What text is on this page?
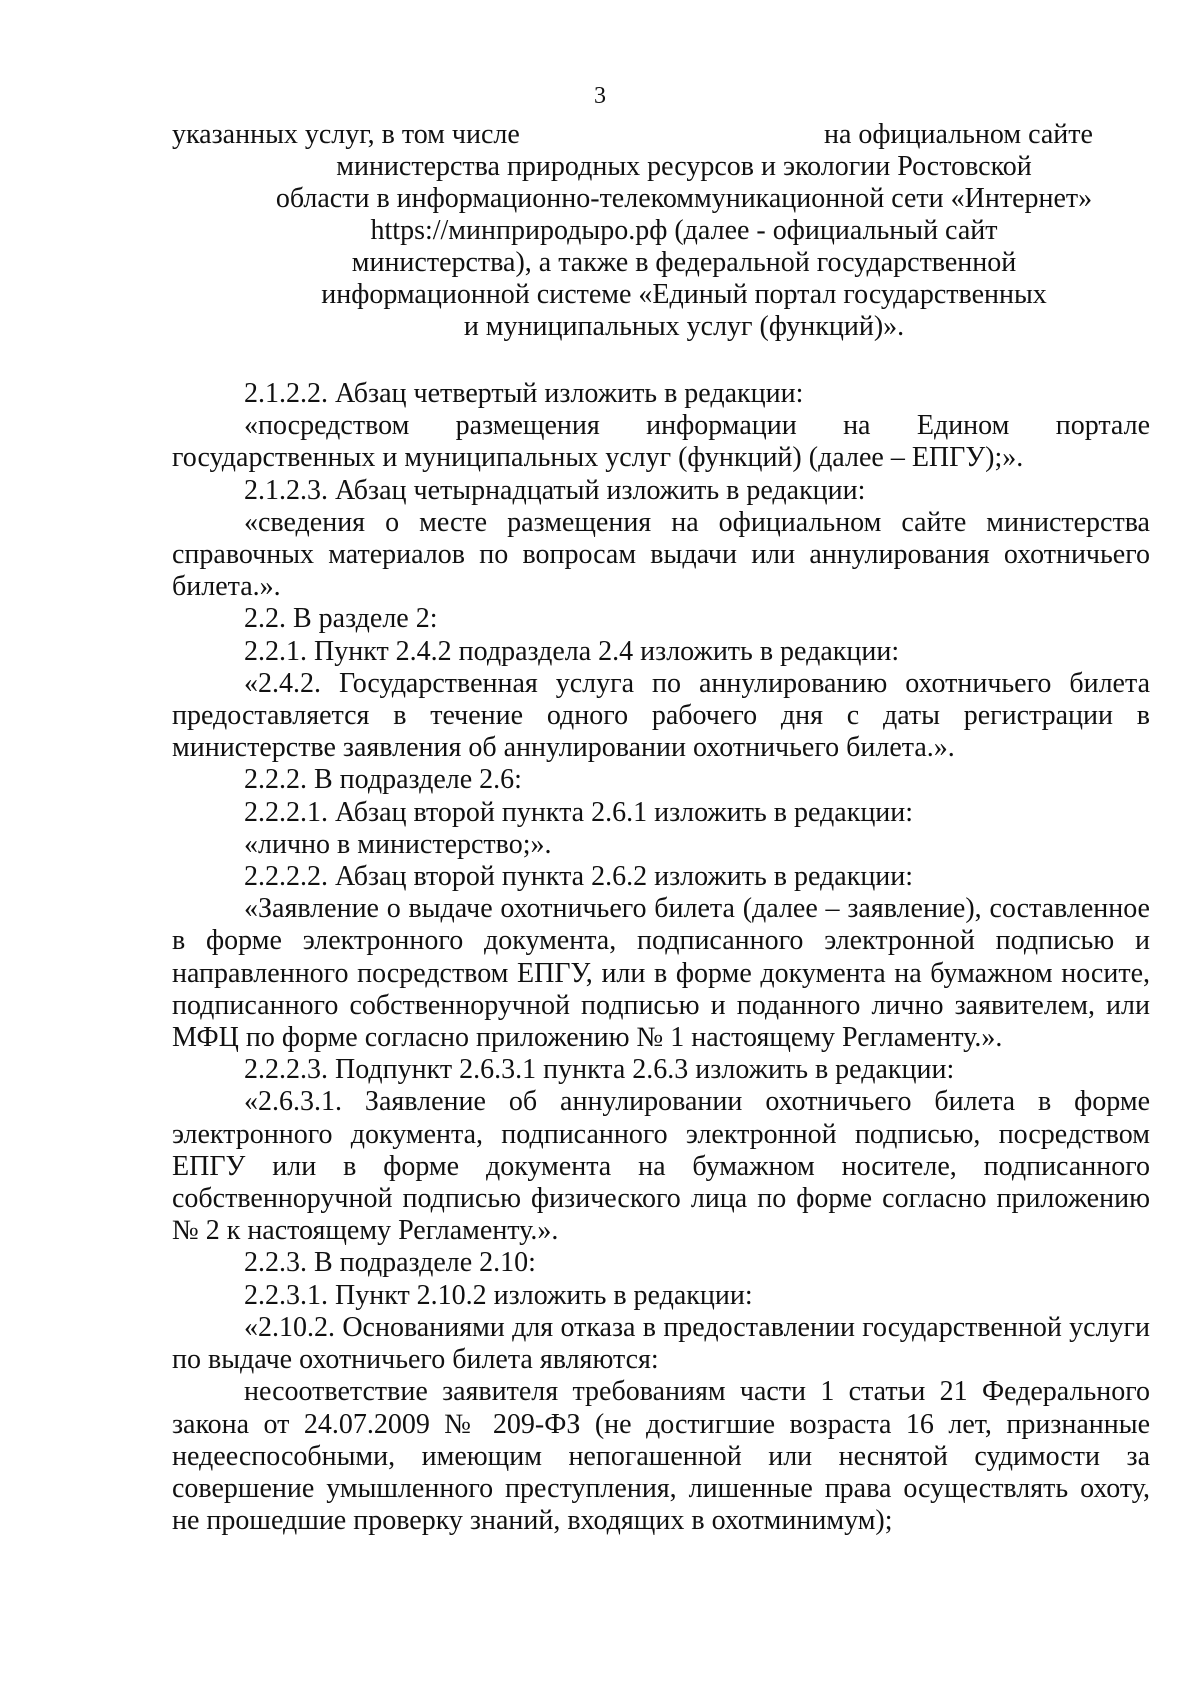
3
указанных услуг, в том числе	на официальном сайте
министерства природных ресурсов и экологии Ростовской
области в информационно-телекоммуникационной сети «Интернет»
https://минприродыро.рф (далее - официальный сайт
министерства), а также в федеральной государственной
информационной системе «Единый портал государственных
и муниципальных услуг (функций)».

2.1.2.2. Абзац четвертый изложить в редакции:

«посредством размещения информации на Едином портале государственных и муниципальных услуг (функций) (далее – ЕПГУ);».

2.1.2.3. Абзац четырнадцатый изложить в редакции:

«сведения о месте размещения на официальном сайте министерства справочных материалов по вопросам выдачи или аннулирования охотничьего билета.».

2.2. В разделе 2:

2.2.1. Пункт 2.4.2 подраздела 2.4 изложить в редакции:

«2.4.2. Государственная услуга по аннулированию охотничьего билета предоставляется в течение одного рабочего дня с даты регистрации в министерстве заявления об аннулировании охотничьего билета.».

2.2.2. В подразделе 2.6:

2.2.2.1. Абзац второй пункта 2.6.1 изложить в редакции:

«лично в министерство;».

2.2.2.2. Абзац второй пункта 2.6.2 изложить в редакции:

«Заявление о выдаче охотничьего билета (далее – заявление), составленное в форме электронного документа, подписанного электронной подписью и направленного посредством ЕПГУ, или в форме документа на бумажном носите, подписанного собственноручной подписью и поданного лично заявителем, или МФЦ по форме согласно приложению № 1 настоящему Регламенту.».

2.2.2.3. Подпункт 2.6.3.1 пункта 2.6.3 изложить в редакции:

«2.6.3.1. Заявление об аннулировании охотничьего билета в форме электронного документа, подписанного электронной подписью, посредством ЕПГУ или в форме документа на бумажном носителе, подписанного собственноручной подписью физического лица по форме согласно приложению № 2 к настоящему Регламенту.».

2.2.3. В подразделе 2.10:

2.2.3.1. Пункт 2.10.2 изложить в редакции:

«2.10.2. Основаниями для отказа в предоставлении государственной услуги по выдаче охотничьего билета являются:

несоответствие заявителя требованиям части 1 статьи 21 Федерального закона от 24.07.2009 № 209-ФЗ (не достигшие возраста 16 лет, признанные недееспособными, имеющим непогашенной или неснятой судимости за совершение умышленного преступления, лишенные права осуществлять охоту, не прошедшие проверку знаний, входящих в охотминимум);
